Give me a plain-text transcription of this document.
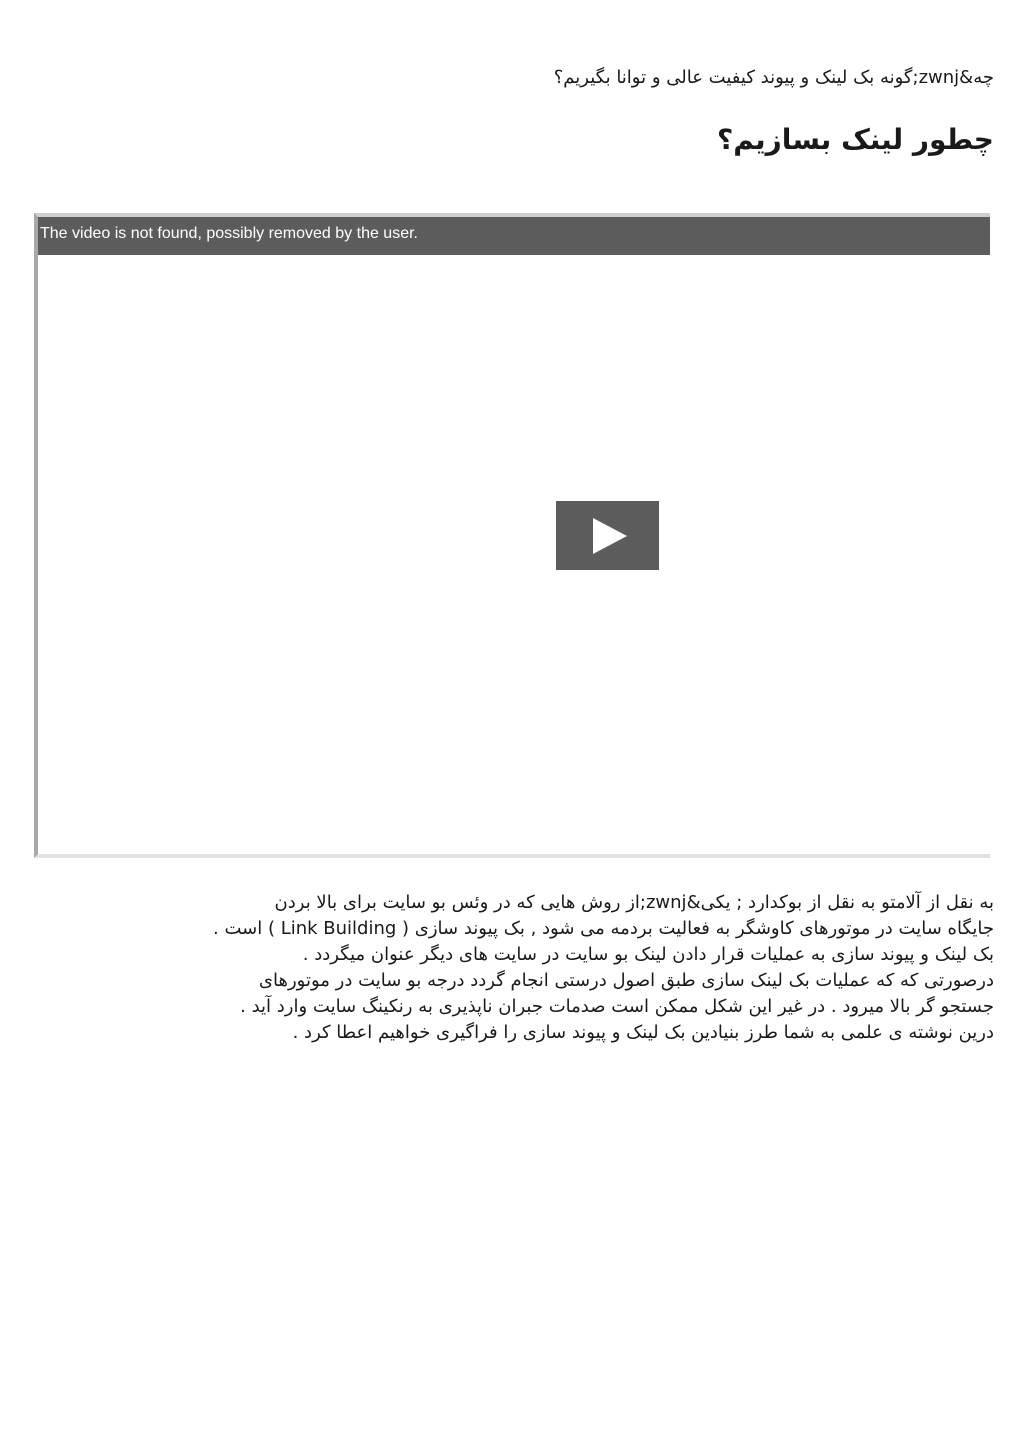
چه&zwnj;گونه بک لینک و پیوند کیفیت عالی و توانا بگیریم؟
چطور لینک بسازیم؟
The video is not found, possibly removed by the user.

به نقل از آلامتو به نقل از بوکدارد ; یکی&zwnj;از روش هایی که در وئس بو سایت برای بالا بردن
جایگاه سایت در موتورهای کاوشگر به فعالیت بردمه می شود , بک پیوند سازی ( Link Building ) است .
بک لینک و پیوند سازی به عملیات قرار دادن لینک بو سایت در سایت های دیگر عنوان میگردد .
درصورتی که که عملیات بک لینک سازی طبق اصول درستی انجام گردد درجه بو سایت در موتورهای
جستجو گر بالا میرود . در غیر این شکل ممکن است صدمات جبران ناپذیری به رنکینگ سایت وارد آید .
درین نوشته ی علمی به شما طرز بنیادین بک لینک و پیوند سازی را فراگیری خواهیم اعطا کرد .
